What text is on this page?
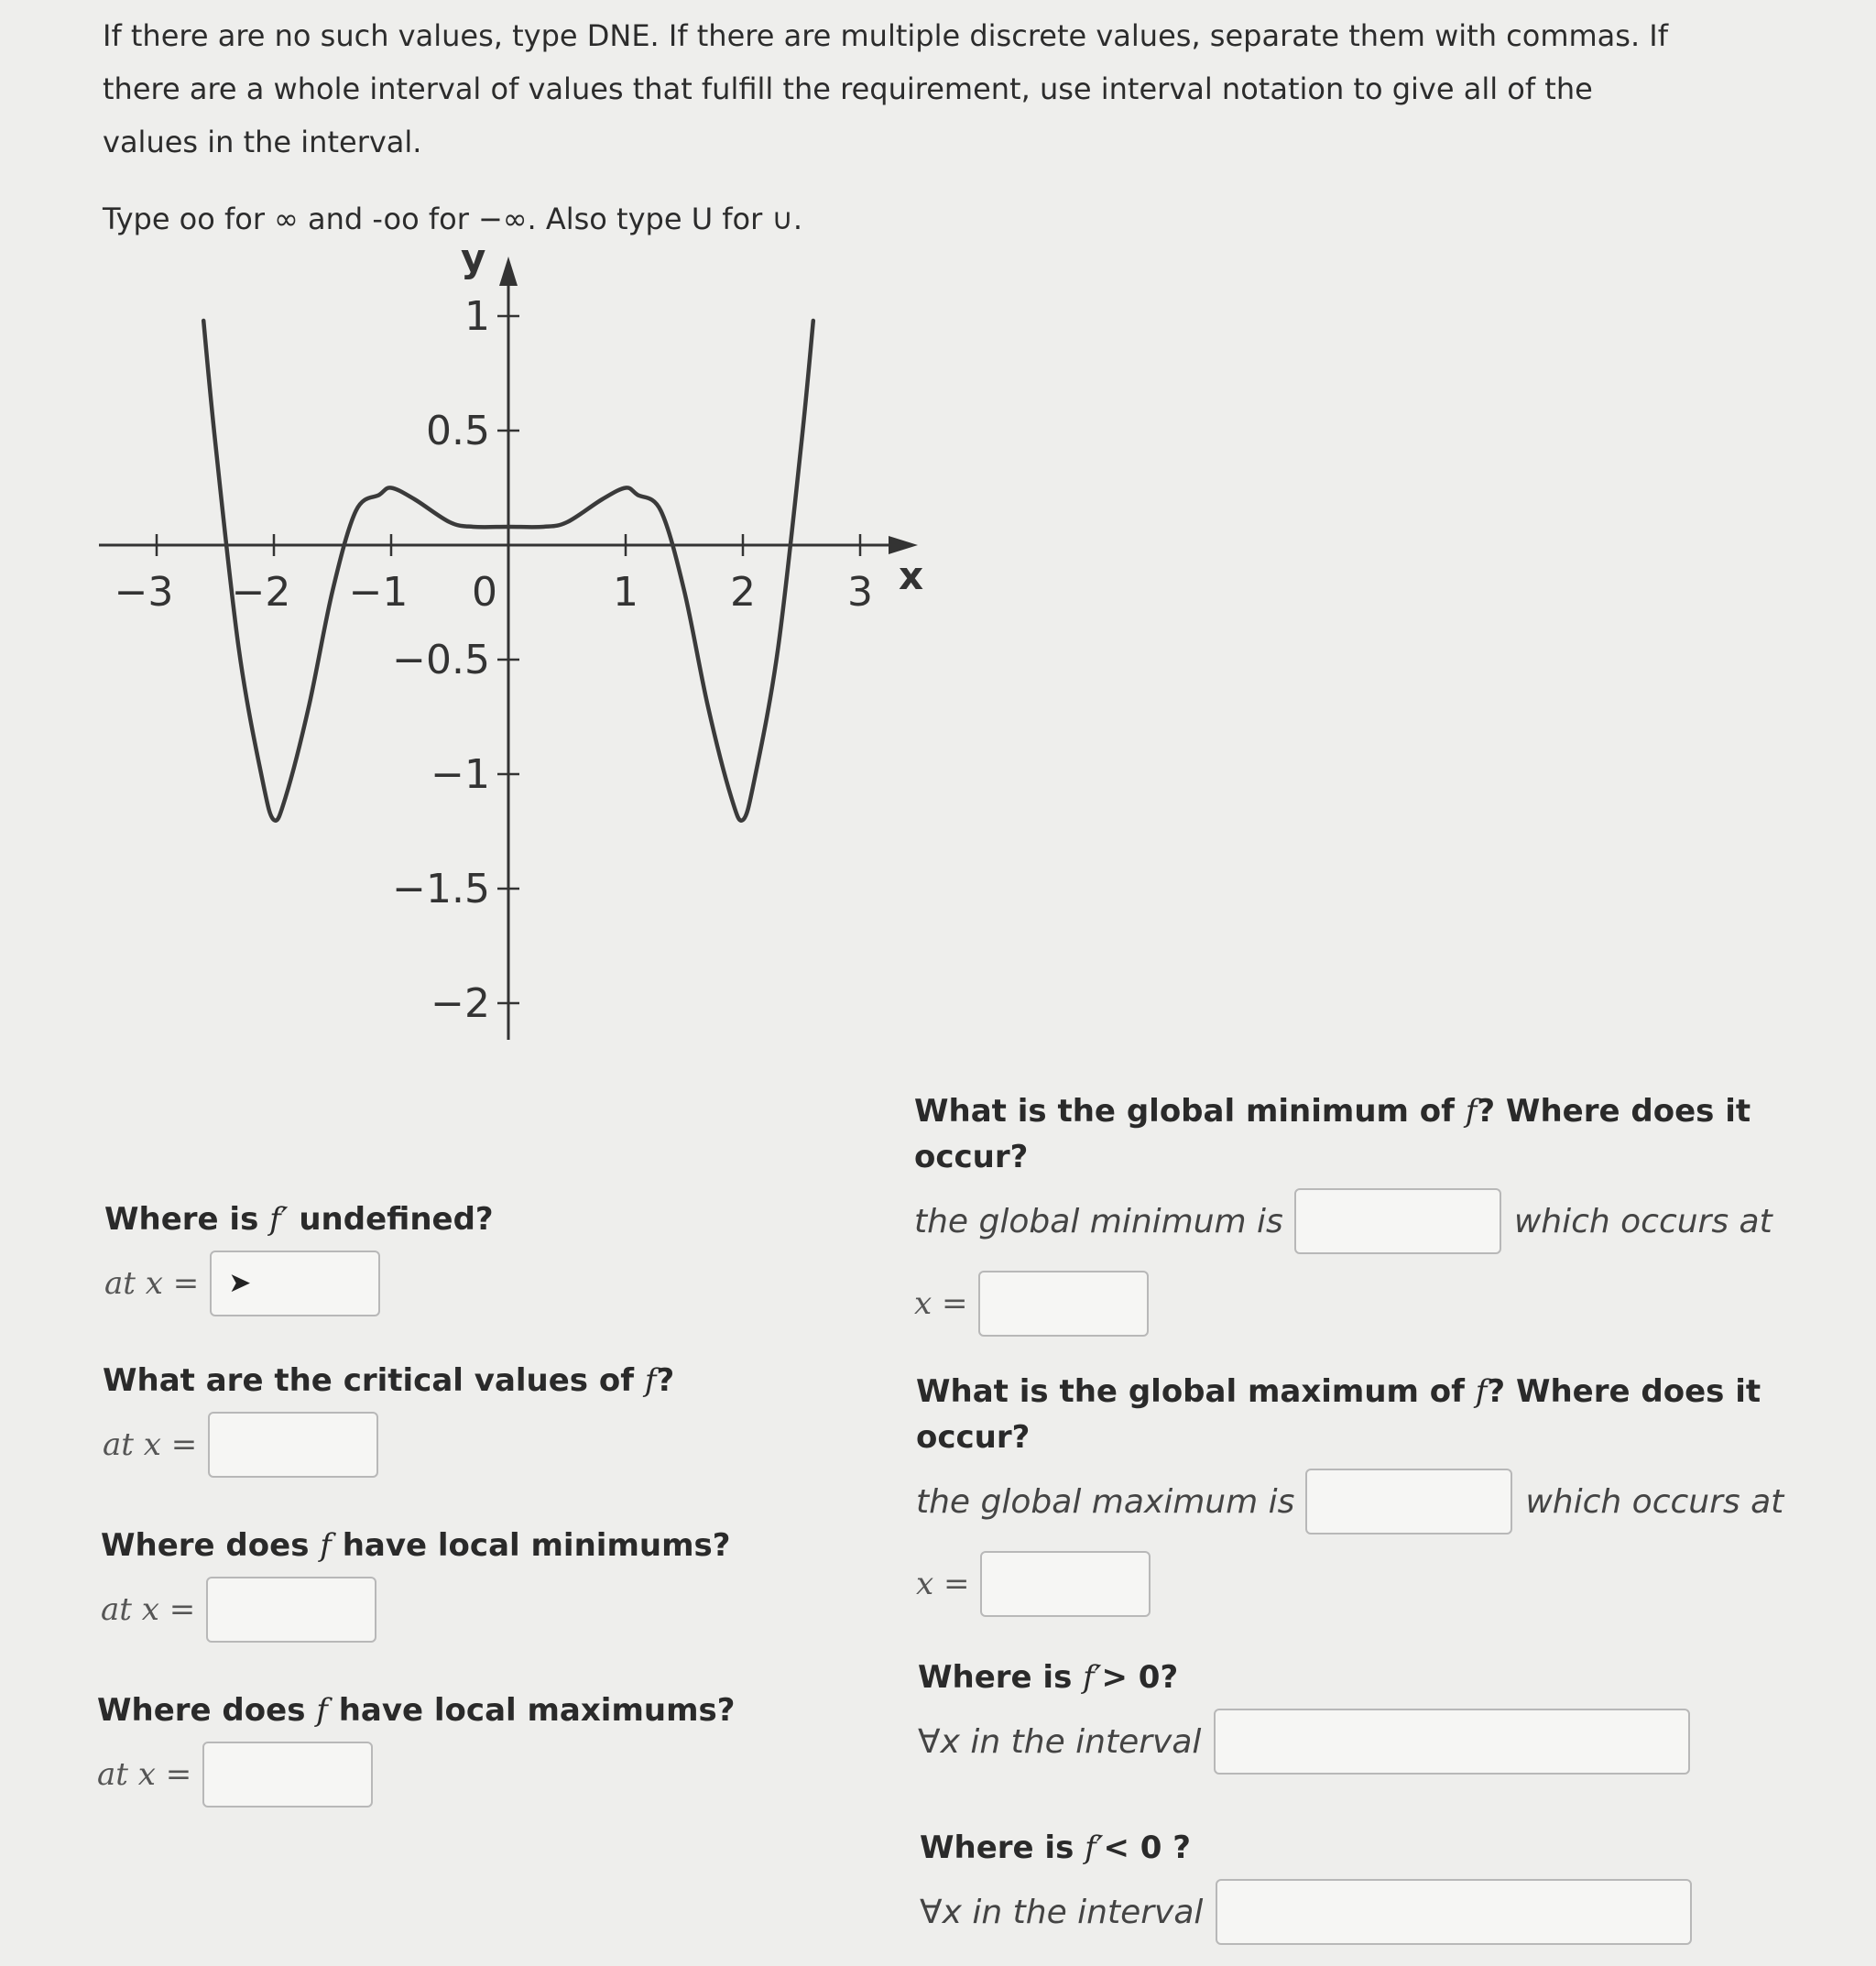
If there are no such values, type DNE. If there are multiple discrete values, separate them with commas. If

there are a whole interval of values that fulfill the requirement, use interval notation to give all of the

values in the interval.

Type oo for ∞ and -oo for −∞. Also type U for ∪.

−3 −2 −1 0	1 2 3
1
0.5
−0.5
−1
−1.5
−2
y
x
Where is f′ undefined?
at x =	➤
What are the critical values of f?
at x =
Where does f have local minimums?
at x =
Where does f have local maximums?
at x =
What is the global minimum of f? Where does it
occur?
the global minimum is	which occurs at
x =
What is the global maximum of f? Where does it
occur?
the global maximum is	which occurs at
x =
Where is f′> 0?
∀x in the interval
Where is f′< 0 ?
∀x in the interval
